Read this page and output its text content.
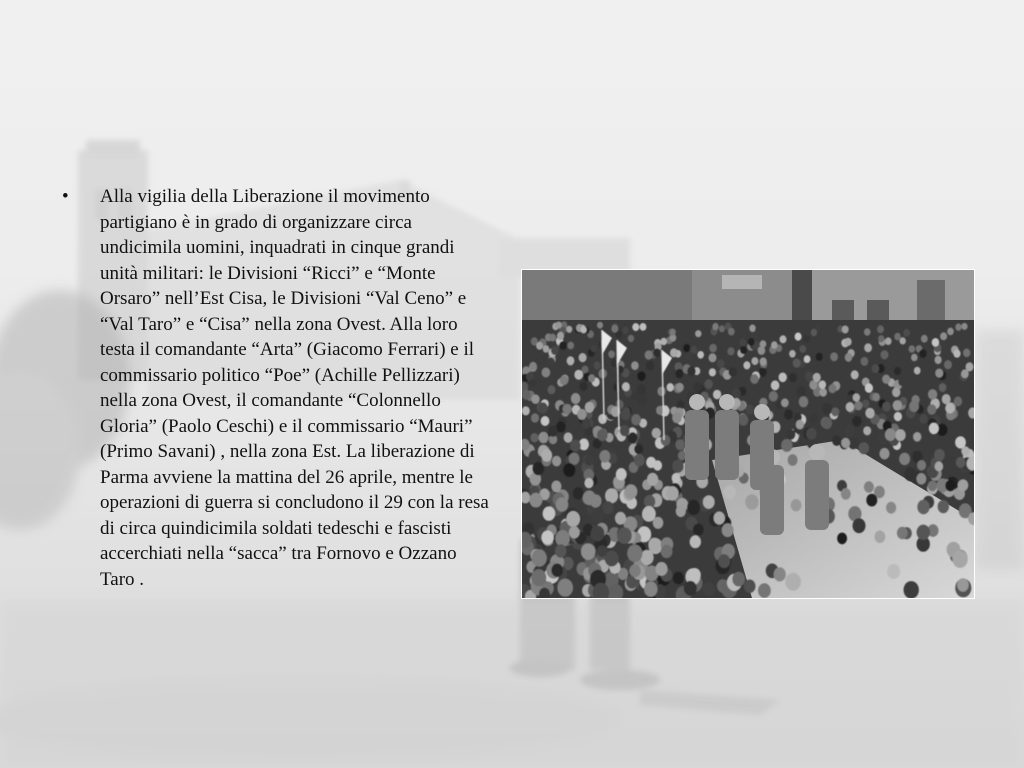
•	Alla vigilia della Liberazione il movimento partigiano è in grado di organizzare circa undicimila uomini, inquadrati in cinque grandi unità militari: le Divisioni “Ricci” e “Monte Orsaro” nell’Est Cisa, le Divisioni “Val Ceno” e “Val Taro” e “Cisa” nella zona Ovest. Alla loro testa il comandante “Arta” (Giacomo Ferrari) e il commissario politico “Poe” (Achille Pellizzari) nella zona Ovest, il comandante “Colonnello Gloria” (Paolo Ceschi) e il commissario “Mauri” (Primo Savani) , nella zona Est. La liberazione di Parma avviene la mattina del 26 aprile, mentre le operazioni di guerra si concludono il 29 con la resa di circa quindicimila soldati tedeschi e fascisti accerchiati nella “sacca” tra Fornovo e Ozzano Taro .
